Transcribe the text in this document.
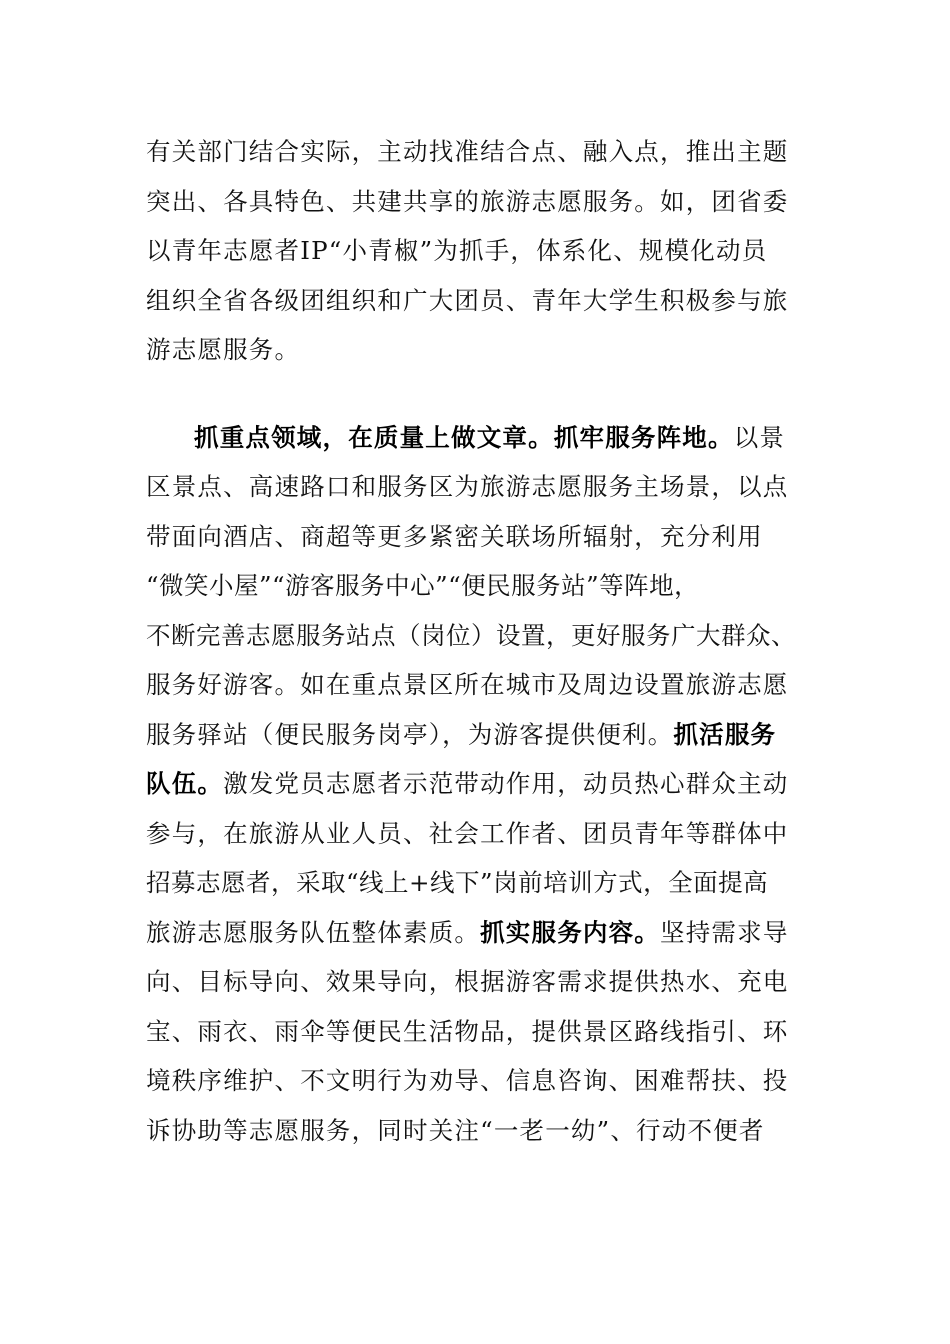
有关部门结合实际，主动找准结合点、融入点，推出主题
突出、各具特色、共建共享的旅游志愿服务。如，团省委
以青年志愿者IP“小青椒”为抓手，体系化、规模化动员
组织全省各级团组织和广大团员、青年大学生积极参与旅
游志愿服务。
抓重点领域，在质量上做文章。抓牢服务阵地。以景
区景点、高速路口和服务区为旅游志愿服务主场景，以点
带面向酒店、商超等更多紧密关联场所辐射，充分利用
“微笑小屋”“游客服务中心”“便民服务站”等阵地，
不断完善志愿服务站点（岗位）设置，更好服务广大群众、
服务好游客。如在重点景区所在城市及周边设置旅游志愿
服务驿站（便民服务岗亭），为游客提供便利。抓活服务
队伍。激发党员志愿者示范带动作用，动员热心群众主动
参与，在旅游从业人员、社会工作者、团员青年等群体中
招募志愿者，采取“线上+线下”岗前培训方式，全面提高
旅游志愿服务队伍整体素质。抓实服务内容。坚持需求导
向、目标导向、效果导向，根据游客需求提供热水、充电
宝、雨衣、雨伞等便民生活物品，提供景区路线指引、环
境秩序维护、不文明行为劝导、信息咨询、困难帮扶、投
诉协助等志愿服务，同时关注“一老一幼”、行动不便者
